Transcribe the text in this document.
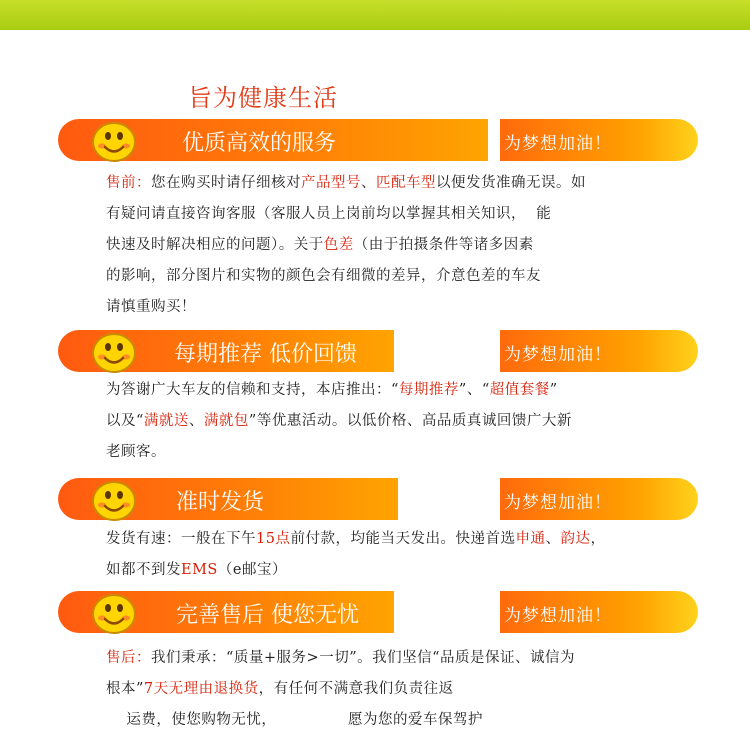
旨为健康生活
优质高效的服务	为梦想加油！
售前：您在购买时请仔细核对产品型号、匹配车型以便发货准确无误。如
有疑问请直接咨询客服（客服人员上岗前均以掌握其相关知识，  能
快速及时解决相应的问题）。关于色差（由于拍摄条件等诸多因素
的影响，部分图片和实物的颜色会有细微的差异，介意色差的车友
请慎重购买！
每期推荐 低价回馈	为梦想加油！
为答谢广大车友的信赖和支持，本店推出：“每期推荐”、“超值套餐”
以及“满就送、满就包”等优惠活动。以低价格、高品质真诚回馈广大新
老顾客。
准时发货	为梦想加油！
发货有速：一般在下午15点前付款，均能当天发出。快递首选申通、韵达，
如都不到发EMS（e邮宝）
完善售后 使您无忧	为梦想加油！
售后：我们秉承：“质量+服务>一切”。我们坚信“品质是保证、诚信为
根本”7天无理由退换货，有任何不满意我们负责往返
运费，使您购物无忧，              愿为您的爱车保驾护
